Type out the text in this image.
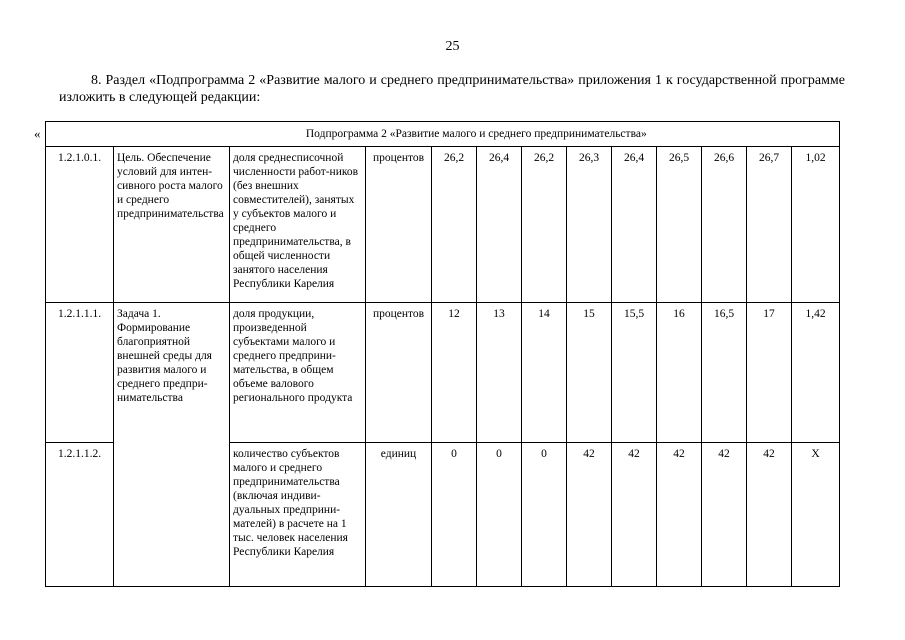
25
8. Раздел «Подпрограмма 2 «Развитие малого и среднего предпринимательства» приложения 1 к государственной программе изложить в следующей редакции:
«
		Подпрограмма 2 «Развитие малого и среднего предпринимательства»											
1.2.1.0.1.	Цель. Обеспечение условий для интен-сивного роста малого и среднего предпринимательства	доля среднесписочной численности работ-ников (без внешних совместителей), занятых у субъектов малого и среднего предпринимательства, в общей численности занятого населения Республики Карелия	процентов	26,2	26,4	26,2	26,3	26,4	26,5	26,6	26,7	1,02
1.2.1.1.1.	Задача 1. Формирование благоприятной внешней среды для развития малого и среднего предпри-нимательства	доля продукции, произведенной субъектами малого и среднего предприни-мательства, в общем объеме валового регионального продукта	процентов	12	13	14	15	15,5	16	16,5	17	1,42
1.2.1.1.2.		количество субъектов малого и среднего предпринимательства (включая индиви-дуальных предприни-мателей) в расчете на 1 тыс. человек населения Республики Карелия	единиц	0	0	0	42	42	42	42	42	Х
